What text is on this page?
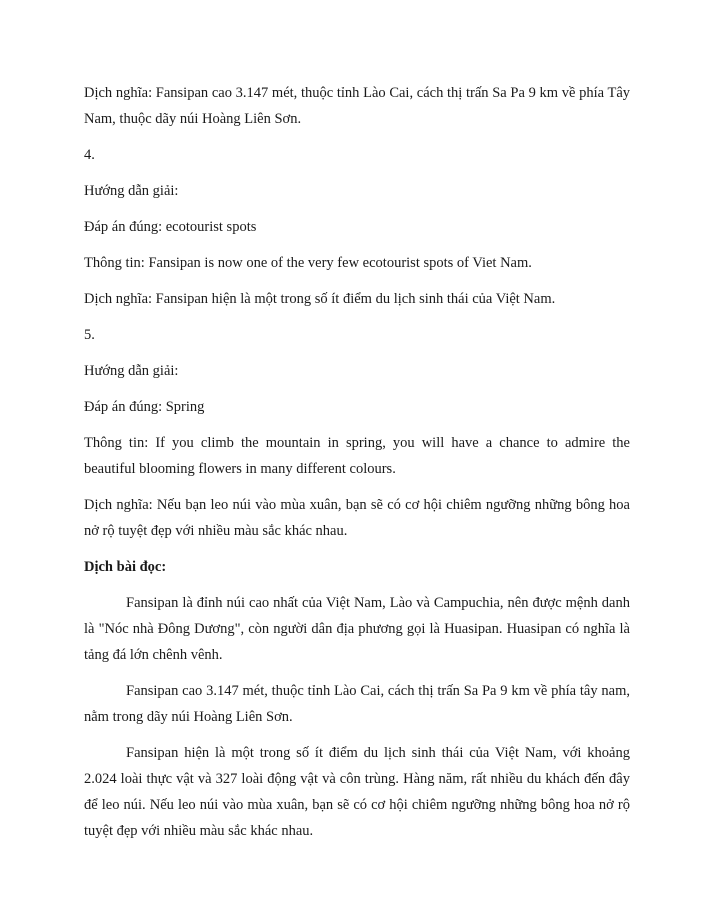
Dịch nghĩa: Fansipan cao 3.147 mét, thuộc tỉnh Lào Cai, cách thị trấn Sa Pa 9 km về phía Tây Nam, thuộc dãy núi Hoàng Liên Sơn.

4.

Hướng dẫn giải:

Đáp án đúng: ecotourist spots

Thông tin: Fansipan is now one of the very few ecotourist spots of Viet Nam.

Dịch nghĩa: Fansipan hiện là một trong số ít điểm du lịch sinh thái của Việt Nam.

5.

Hướng dẫn giải:

Đáp án đúng: Spring

Thông tin: If you climb the mountain in spring, you will have a chance to admire the beautiful blooming flowers in many different colours.

Dịch nghĩa: Nếu bạn leo núi vào mùa xuân, bạn sẽ có cơ hội chiêm ngưỡng những bông hoa nở rộ tuyệt đẹp với nhiều màu sắc khác nhau.

Dịch bài đọc:

Fansipan là đỉnh núi cao nhất của Việt Nam, Lào và Campuchia, nên được mệnh danh là "Nóc nhà Đông Dương", còn người dân địa phương gọi là Huasipan. Huasipan có nghĩa là tảng đá lớn chênh vênh.

Fansipan cao 3.147 mét, thuộc tỉnh Lào Cai, cách thị trấn Sa Pa 9 km về phía tây nam, nằm trong dãy núi Hoàng Liên Sơn.

Fansipan hiện là một trong số ít điểm du lịch sinh thái của Việt Nam, với khoảng 2.024 loài thực vật và 327 loài động vật và côn trùng. Hàng năm, rất nhiều du khách đến đây để leo núi. Nếu leo núi vào mùa xuân, bạn sẽ có cơ hội chiêm ngưỡng những bông hoa nở rộ tuyệt đẹp với nhiều màu sắc khác nhau.
